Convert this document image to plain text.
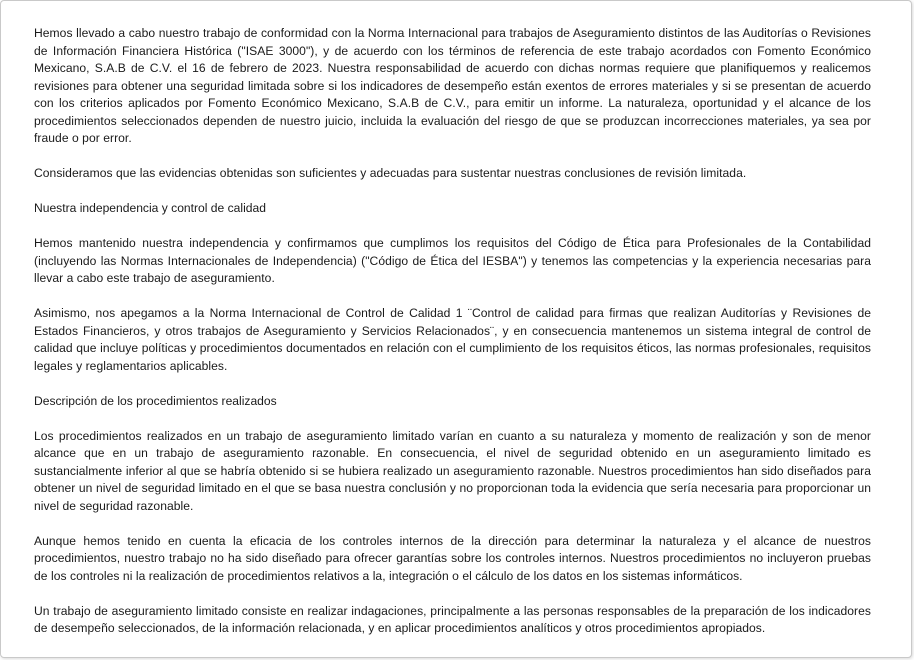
Hemos llevado a cabo nuestro trabajo de conformidad con la Norma Internacional para trabajos de Aseguramiento distintos de las Auditorías o Revisiones de Información Financiera Histórica ("ISAE 3000"), y de acuerdo con los términos de referencia de este trabajo acordados con Fomento Económico Mexicano, S.A.B de C.V. el 16 de febrero de 2023. Nuestra responsabilidad de acuerdo con dichas normas requiere que planifiquemos y realicemos revisiones para obtener una seguridad limitada sobre si los indicadores de desempeño están exentos de errores materiales y si se presentan de acuerdo con los criterios aplicados por Fomento Económico Mexicano, S.A.B de C.V., para emitir un informe. La naturaleza, oportunidad y el alcance de los procedimientos seleccionados dependen de nuestro juicio, incluida la evaluación del riesgo de que se produzcan incorrecciones materiales, ya sea por fraude o por error.

Consideramos que las evidencias obtenidas son suficientes y adecuadas para sustentar nuestras conclusiones de revisión limitada.

Nuestra independencia y control de calidad

Hemos mantenido nuestra independencia y confirmamos que cumplimos los requisitos del Código de Ética para Profesionales de la Contabilidad (incluyendo las Normas Internacionales de Independencia) ("Código de Ética del IESBA") y tenemos las competencias y la experiencia necesarias para llevar a cabo este trabajo de aseguramiento.

Asimismo, nos apegamos a la Norma Internacional de Control de Calidad 1 ¨Control de calidad para firmas que realizan Auditorías y Revisiones de Estados Financieros, y otros trabajos de Aseguramiento y Servicios Relacionados¨, y en consecuencia mantenemos un sistema integral de control de calidad que incluye políticas y procedimientos documentados en relación con el cumplimiento de los requisitos éticos, las normas profesionales, requisitos legales y reglamentarios aplicables.

Descripción de los procedimientos realizados

Los procedimientos realizados en un trabajo de aseguramiento limitado varían en cuanto a su naturaleza y momento de realización y son de menor alcance que en un trabajo de aseguramiento razonable. En consecuencia, el nivel de seguridad obtenido en un aseguramiento limitado es sustancialmente inferior al que se habría obtenido si se hubiera realizado un aseguramiento razonable. Nuestros procedimientos han sido diseñados para obtener un nivel de seguridad limitado en el que se basa nuestra conclusión y no proporcionan toda la evidencia que sería necesaria para proporcionar un nivel de seguridad razonable.

Aunque hemos tenido en cuenta la eficacia de los controles internos de la dirección para determinar la naturaleza y el alcance de nuestros procedimientos, nuestro trabajo no ha sido diseñado para ofrecer garantías sobre los controles internos. Nuestros procedimientos no incluyeron pruebas de los controles ni la realización de procedimientos relativos a la, integración o el cálculo de los datos en los sistemas informáticos.

Un trabajo de aseguramiento limitado consiste en realizar indagaciones, principalmente a las personas responsables de la preparación de los indicadores de desempeño seleccionados, de la información relacionada, y en aplicar procedimientos analíticos y otros procedimientos apropiados.
